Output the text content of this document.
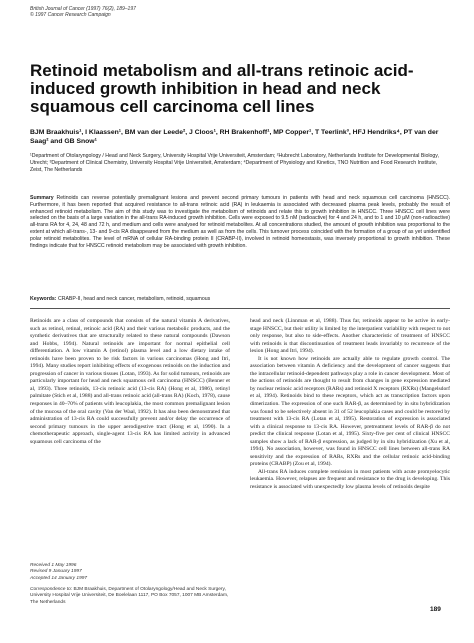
British Journal of Cancer (1997) 76(2), 189–197
© 1997 Cancer Research Campaign
Retinoid metabolism and all-trans retinoic acid-induced growth inhibition in head and neck squamous cell carcinoma cell lines
BJM Braakhuis¹, I Klaassen¹, BM van der Leede², J Cloos¹, RH Brakenhoff¹, MP Copper¹, T Teerlink³, HFJ Hendriks⁴, PT van der Saag² and GB Snow¹
¹Department of Otolaryngology / Head and Neck Surgery, University Hospital Vrije Universiteit, Amsterdam; ²Hubrecht Laboratory, Netherlands Institute for Developmental Biology, Utrecht; ³Department of Clinical Chemistry, University Hospital Vrije Universiteit, Amsterdam; ⁴Department of Physiology and Kinetics, TNO Nutrition and Food Research Institute, Zeist, The Netherlands
Summary Retinoids can reverse potentially premalignant lesions and prevent second primary tumours in patients with head and neck squamous cell carcinoma (HNSCC). Furthermore, it has been reported that acquired resistance to all-trans retinoic acid (RA) in leukaemia is associated with decreased plasma peak levels, probably the result of enhanced retinoid metabolism. The aim of this study was to investigate the metabolism of retinoids and relate this to growth inhibition in HNSCC. Three HNSCC cell lines were selected on the basis of a large variation in the all-trans RA-induced growth inhibition. Cells were exposed to 9.5 nM (radioactive) for 4 and 24 h, and to 1 and 10 µM (non-radioactive) all-trans RA for 4, 24, 48 and 72 h, and medium and cells were analysed for retinoid metabolites. At all concentrations studied, the amount of growth inhibition was proportional to the extent at which all-trans-, 13- and 9-cis RA disappeared from the medium as well as from the cells. This turnover process coincided with the formation of a group of as yet unidentified polar retinoid metabolites. The level of mRNA of cellular RA-binding protein II (CRABP-II), involved in retinoid homeostasis, was inversely proportional to growth inhibition. These findings indicate that for HNSCC retinoid metabolism may be associated with growth inhibition.
Keywords: CRABP-II, head and neck cancer, metabolism, retinoid, squamous

Retinoids are a class of compounds that consists of the natural vitamin A derivatives, such as retinol, retinal, retinoic acid (RA) and their various metabolic products, and the synthetic derivatives that are structurally related to these natural compounds (Dawson and Hobbs, 1994). Natural retinoids are important for normal epithelial cell differentiation. A low vitamin A (retinol) plasma level and a low dietary intake of retinoids have been proven to be risk factors in various carcinomas (Hong and Itri, 1994). Many studies report inhibiting effects of exogenous retinoids on the induction and progression of cancer in various tissues (Lotan, 1993). As for solid tumours, retinoids are particularly important for head and neck squamous cell carcinoma (HNSCC) (Benner et al, 1993). Three retinoids, 13-cis retinoic acid (13-cis RA) (Hong et al, 1986), retinyl palmitate (Stich et al, 1988) and all-trans retinoic acid (all-trans RA) (Koch, 1978), cause responses in 40–70% of patients with leucoplakia, the most common premalignant lesion of the mucosa of the oral cavity (Van der Waal, 1992). It has also been demonstrated that administration of 13-cis RA could successfully prevent and/or delay the occurrence of second primary tumours in the upper aerodigestive tract (Hong et al, 1990). In a chemotherapeutic approach, single-agent 13-cis RA has limited activity in advanced squamous cell carcinoma of the

head and neck (Linnman et al, 1988). Thus far, retinoids appear to be active in early-stage HNSCC, but their utility is limited by the interpatient variability with respect to not only response, but also to side-effects. Another characteristic of treatment of HNSCC with retinoids is that discontinuation of treatment leads invariably to recurrence of the lesion (Hong and Itri, 1994).

It is not known how retinoids are actually able to regulate growth control. The association between vitamin A deficiency and the development of cancer suggests that the intracellular retinoid-dependent pathways play a role in cancer development. Most of the actions of retinoids are thought to result from changes in gene expression mediated by nuclear retinoic acid receptors (RARs) and retinoid X receptors (RXRs) (Mangelsdorf et al, 1994). Retinoids bind to these receptors, which act as transcription factors upon dimerization. The expression of one such RAR-β, as determined by in situ hybridization was found to be selectively absent in 31 of 52 leucoplakia cases and could be restored by treatment with 13-cis RA (Lotan et al, 1995). Restoration of expression is associated with a clinical response to 13-cis RA. However, pretreatment levels of RAR-β do not predict the clinical response (Lotan et al, 1995). Sixty-five per cent of clinical HNSCC samples show a lack of RAR-β expression, as judged by in situ hybridization (Xu et al, 1994). No association, however, was found in HNSCC cell lines between all-trans RA sensitivity and the expression of RARs, RXRs and the cellular retinoic acid-binding proteins (CRABP) (Zou et al, 1994).

All-trans RA induces complete remission in most patients with acute promyelocytic leukaemia. However, relapses are frequent and resistance to the drug is developing. This resistance is associated with unexpectedly low plasma levels of retinoids despite

Received 1 May 1996
Revised 9 January 1997
Accepted 14 January 1997
Correspondence to: BJM Braakhuis, Department of Otolaryngology/Head and Neck Surgery, University Hospital Vrije Universiteit, De Boelelaan 1117, PO Box 7057, 1007 MB Amsterdam, The Netherlands
189
